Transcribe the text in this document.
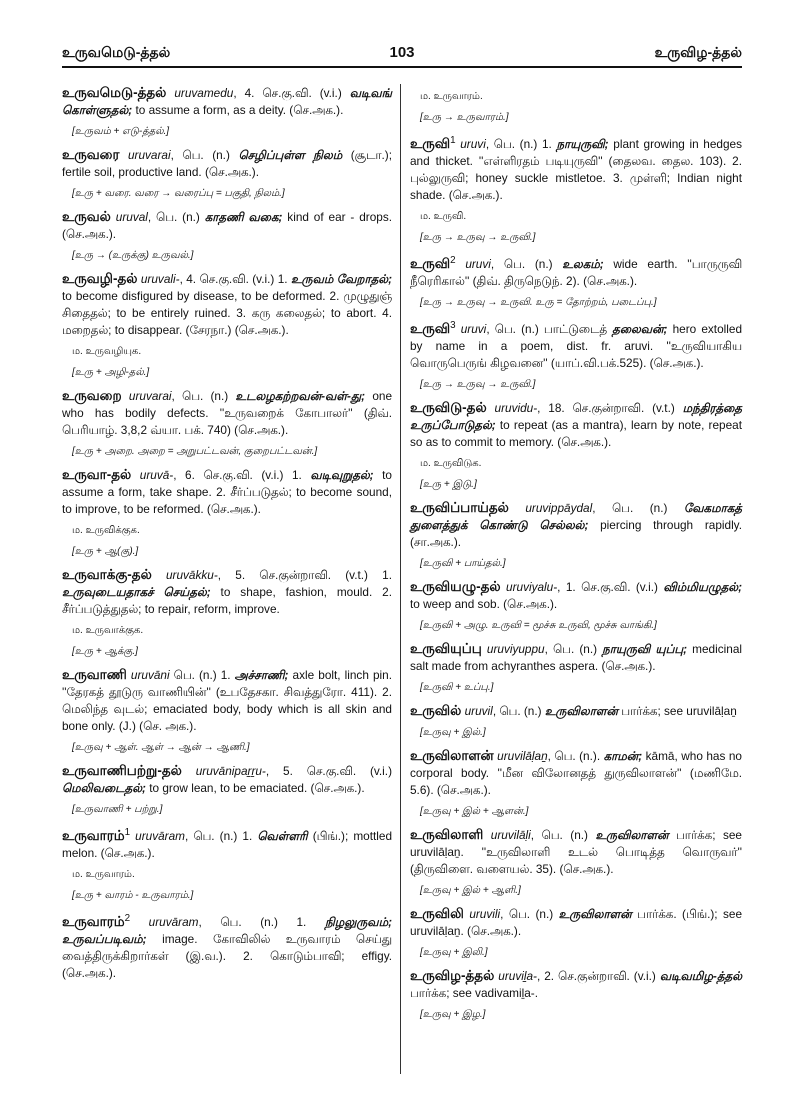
103
உருவமெடு-த்தல்	உருவிழ-த்தல்
உருவமெடு-த்தல் uruvamedu, 4. செ.கு.வி. (v.i.) வடிவங் கொள்ளுதல்; to assume a form, as a deity. (செ.அக.).
[உருவம் + எடு-த்தல்.]
உருவரை uruvarai, பெ. (n.) செழிப்புள்ள நிலம் (சூடா.); fertile soil, productive land. (செ.அக.).
[உரு + வரை. வரை → வரைப்பு = பகுதி, நிலம்.]
உருவல் uruval, பெ. (n.) காதணி வகை; kind of ear - drops. (செ.அக.).
[உரு → (உருக்கு) உருவல்.]
உருவழி-தல் uruvali-, 4. செ.கு.வி. (v.i.) 1. உருவம் வேறாதல்; to become disfigured by disease, to be deformed. 2. முழுதுஞ் சிதைதல்; to be entirely ruined. 3. கரு கலைதல்; to abort. 4. மறைதல்; to disappear. (சேரநா.) (செ.அக.).
ம. உருவழியுக.
[உரு + அழி-தல்.]
உருவறை uruvarai, பெ. (n.) உடலழகற்றவன்-வள்-து; one who has bodily defects. ''உருவறைக் கோபாலர்'' (திவ். பெரியாழ். 3,8,2 வ்யா. பக். 740) (செ.அக.).
[உரு + அறை. அறை = அறுபட்டவன், குறைபட்டவன்.]
உருவா-தல் uruvā-, 6. செ.கு.வி. (v.i.) 1. வடிவுறுதல்; to assume a form, take shape. 2. சீர்ப்படுதல்; to become sound, to improve, to be reformed. (செ.அக.).
ம. உருவிக்குக.
[உரு + ஆ(கு).]
உருவாக்கு-தல் uruvākku-, 5. செ.குன்றாவி. (v.t.) 1. உருவுடையதாகச் செய்தல்; to shape, fashion, mould. 2. சீர்ப்படுத்துதல்; to repair, reform, improve.
ம. உருவாக்குக.
[உரு + ஆக்கு.]
உருவாணி uruvāni பெ. (n.) 1. அச்சாணி; axle bolt, linch pin. ''தேரகத் தூடுரு வாணியின்'' (உபதேசகா. சிவத்துரோ. 411). 2. மெலிந்த வுடல்; emaciated body, body which is all skin and bone only. (J.) (செ. அக.).
[உருவு + ஆள். ஆள் → ஆன் → ஆணி.]
உருவாணிபற்று-தல் uruvānipaṟṟu-, 5. செ.கு.வி. (v.i.) மெலிவடைதல்; to grow lean, to be emaciated. (செ.அக.).
[உருவாணி + பற்று.]
உருவாரம்$^1$ uruvāram, பெ. (n.) 1. வெள்ளரி (பிங்.); mottled melon. (செ.அக.).
ம. உருவாரம்.
[உரு + வாரம் - உருவாரம்.]
உருவாரம்$^2$ uruvāram, பெ. (n.) 1. நிழலுருவம்; உருவப்படிவம்; image. கோவிலில் உருவாரம் செய்து வைத்திருக்கிறார்கள் (இ.வ.). 2. கொடும்பாவி; effigy. (செ.அக.).
ம. உருவாரம்.
[உரு → உருவாரம்.]
உருவி$^1$ uruvi, பெ. (n.) 1. நாயுருவி; plant growing in hedges and thicket. ''எள்ளிரதம் படியுருவி'' (தைலவ. தைல. 103). 2. புல்லுருவி; honey suckle mistletoe. 3. முள்ளி; Indian night shade. (செ.அக.).
ம. உருவி.
[உரு → உருவு → உருவி.]
உருவி$^2$ uruvi, பெ. (n.) உலகம்; wide earth. ''பாருருவி நீரெரிகால்'' (திவ். திருநெடுந். 2). (செ.அக.).
[உரு → உருவு → உருவி. உரு = தோற்றம், படைப்பு.]
உருவி$^3$ uruvi, பெ. (n.) பாட்டுடைத் தலைவன்; hero extolled by name in a poem, dist. fr. aruvi. ''உருவியாகிய வொருபெருங் கிழவனை'' (யாப்.வி.பக்.525). (செ.அக.).
[உரு → உருவு → உருவி.]
உருவிடு-தல் uruvidu-, 18. செ.குன்றாவி. (v.t.) மந்திரத்தை உருப்போடுதல்; to repeat (as a mantra), learn by note, repeat so as to commit to memory. (செ.அக.).
ம. உருவிடுக.
[உரு + இடு.]
உருவிப்பாய்தல் uruvippāydal, பெ. (n.) வேகமாகத் துளைத்துக் கொண்டு செல்லல்; piercing through rapidly. (சா.அக.).
[உருவி + பாய்தல்.]
உருவியழு-தல் uruviyalu-, 1. செ.கு.வி. (v.i.) விம்மியழுதல்; to weep and sob. (செ.அக.).
[உருவி + அழு. உருவி = மூச்சு உருவி, மூச்சு வாங்கி.]
உருவியுப்பு uruviyuppu, பெ. (n.) நாயுருவி யுப்பு; medicinal salt made from achyranthes aspera. (செ.அக.).
[உருவி + உப்பு.]
உருவில் uruvil, பெ. (n.) உருவிலாளன் பார்க்க; see uruvilāḷaṉ
[உருவு + இல்.]
உருவிலாளன் uruvilāḷaṉ, பெ. (n.). காமன்; kāmā, who has no corporal body. ''மீன விலோனதத் துருவிலாளன்'' (மணிமே. 5.6). (செ.அக.).
[உருவு + இல் + ஆளன்.]
உருவிலாளி uruvilāḷi, பெ. (n.) உருவிலாளன் பார்க்க; see uruvilāḷaṉ. ''உருவிலாளி உடல் பொடித்த வொருவர்'' (திருவிளை. வளையல். 35). (செ.அக.).
[உருவு + இல் + ஆளி.]
உருவிலி uruvili, பெ. (n.) உருவிலாளன் பார்க்க. (பிங்.); see uruvilāḷaṉ. (செ.அக.).
[உருவு + இலி.]
உருவிழ-த்தல் uruviḻa-, 2. செ.குன்றாவி. (v.i.) வடிவமிழ-த்தல் பார்க்க; see vadivamiḻa-.
[உருவு + இழ.]
